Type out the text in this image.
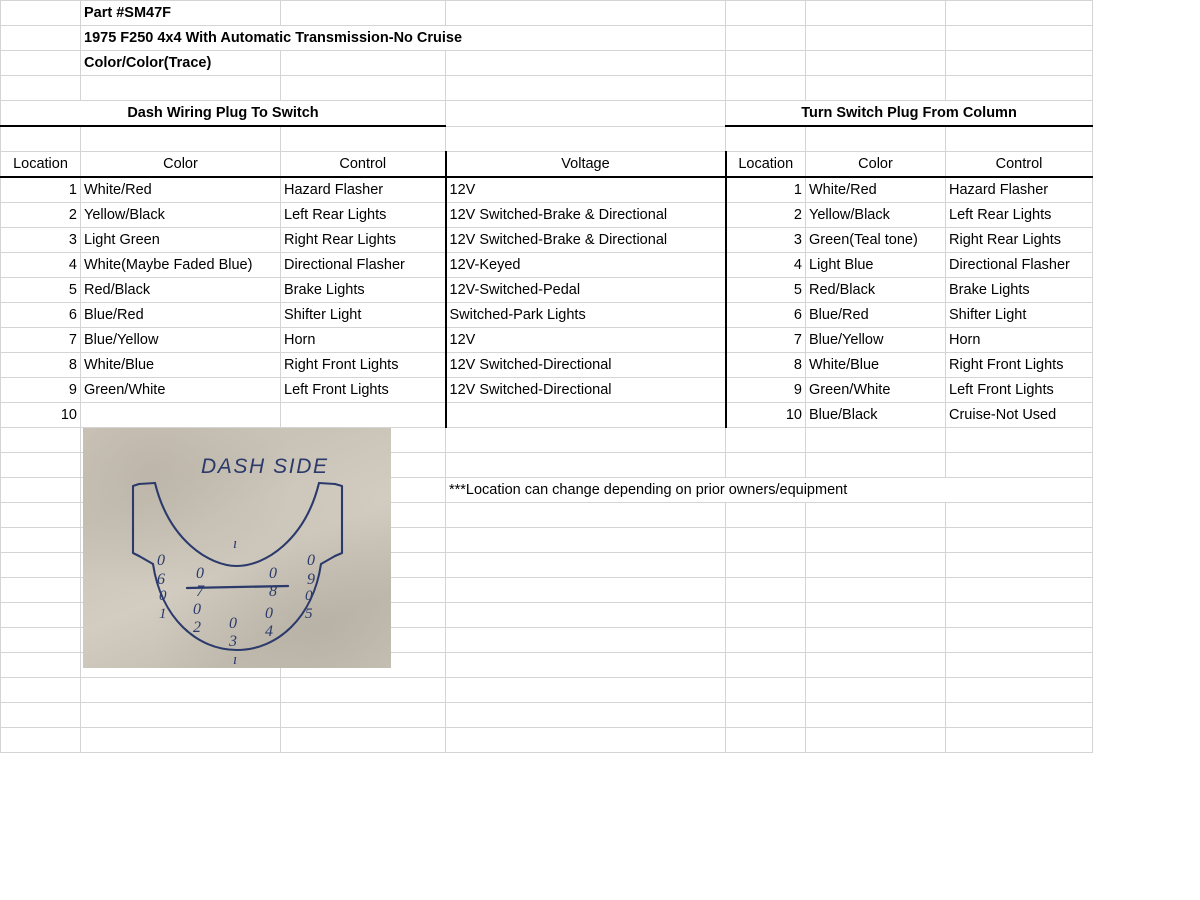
	Part #SM47F					
	1975 F250 4x4 With Automatic Transmission-No Cruise					
	Color/Color(Trace)					

Dash Wiring Plug To Switch				Turn Switch Plug From Column		

Location	Color	Control	Voltage	Location	Color	Control
1	White/Red	Hazard Flasher	12V	1	White/Red	Hazard Flasher
2	Yellow/Black	Left Rear Lights	12V Switched-Brake & Directional	2	Yellow/Black	Left Rear Lights
3	Light Green	Right Rear Lights	12V Switched-Brake & Directional	3	Green(Teal tone)	Right Rear Lights
4	White(Maybe Faded Blue)	Directional Flasher	12V-Keyed	4	Light Blue	Directional Flasher
5	Red/Black	Brake Lights	12V-Switched-Pedal	5	Red/Black	Brake Lights
6	Blue/Red	Shifter Light	Switched-Park Lights	6	Blue/Red	Shifter Light
7	Blue/Yellow	Horn	12V	7	Blue/Yellow	Horn
8	White/Blue	Right Front Lights	12V Switched-Directional	8	White/Blue	Right Front Lights
9	Green/White	Left Front Lights	12V Switched-Directional	9	Green/White	Left Front Lights
10				10	Blue/Black	Cruise-Not Used

			***Location can change depending on prior owners/equipment			

DASH SIDE
ı
ı
0
6 0
7
0
8
0
9
0
1 0
2 0
3
0
4
0
5
